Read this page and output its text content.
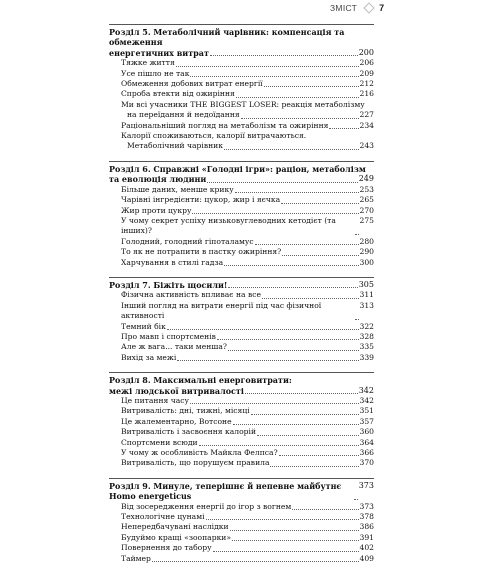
ЗМІСТ 7
Розділ 5. Метаболічний чарівник: компенсація та обмеження
енергетичних витрат	200
Тяжке життя	206
Усе пішло не так	209
Обмеження добових витрат енергії	212
Спроба втекти від ожиріння	216
Ми всі учасники THE BIGGEST LOSER: реакція метаболізму
на переїдання й недоїдання	227
Раціональніший погляд на метаболізм та ожиріння	234
Калорії споживаються, калорії витрачаються.
Метаболічний чарівник	243
Розділ 6. Справжні «Голодні ігри»: раціон, метаболізм
та еволюція людини	249
Більше даних, менше крику	253
Чарівні інгредієнти: цукор, жир і яєчка	265
Жир проти цукру	270
У чому секрет успіху низьковуглеводних кетодієт (та інших)?
275
Голодний, голодний гіпоталамус	280
То як не потрапити в пастку ожиріння?	290
Харчування в стилі гадза	300
Розділ 7. Біжіть щосили!	305
Фізична активність впливає на все	311
Інший погляд на витрати енергії під час фізичної активності
313
Темний бік	322
Про мавп і спортсменів	328
Але ж вага... таки менша?	335
Вихід за межі	339
Розділ 8. Максимальні енерговитрати:
межі людської витривалості	342
Це питання часу	342
Витривалість: дні, тижні, місяці	351
Це жалементарно, Вотсоне	357
Витривалість і засвоєння калорій	360
Спортсмени всюди	364
У чому ж особливість Майкла Фелпса?	366
Витривалість, що порушуєм правила	370
Розділ 9. Минуле, теперішнє й непевне майбутнє Homo energeticus
373
Від зосередження енергії до ігор з вогнем	373
Технологічне цунамі	378
Непередбачувані наслідки	386
Будуймо кращі «зоопарки»	391
Повернення до табору	402
Таймер	409
